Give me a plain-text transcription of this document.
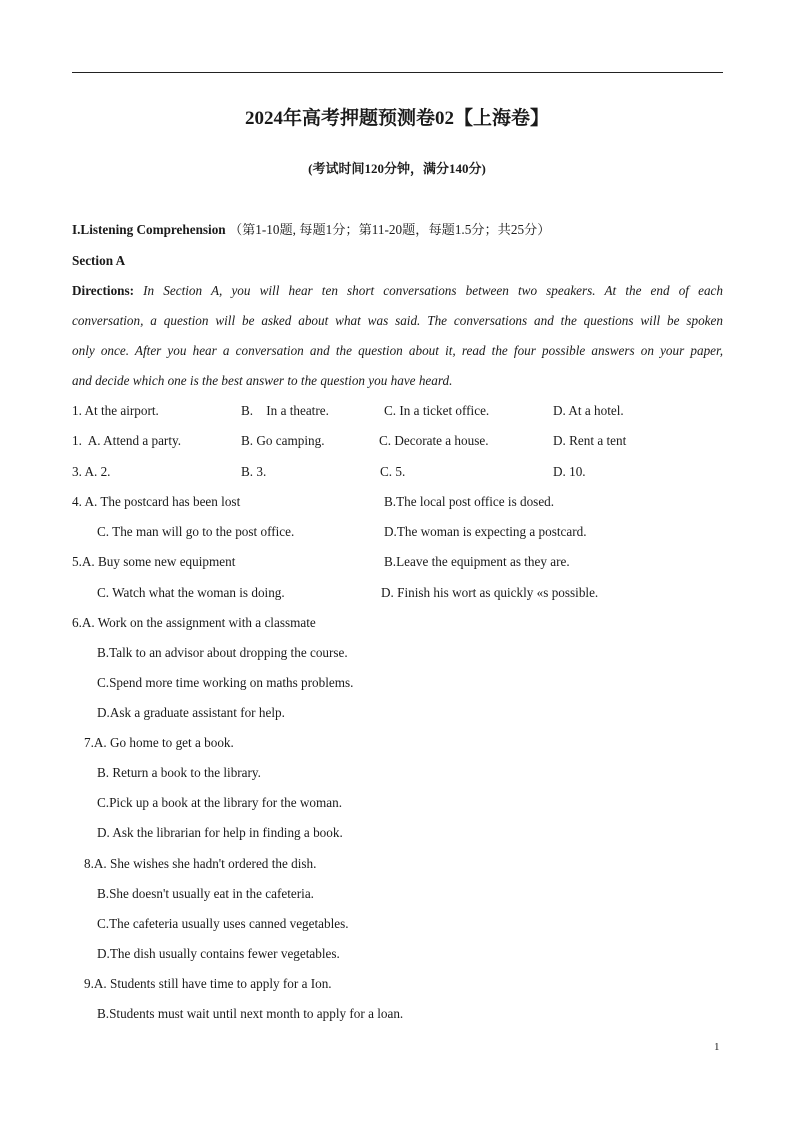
2024年高考押题预测卷02【上海卷】
(考试时间120分钟，满分140分)
I.Listening Comprehension （第1-10题, 每题1分；第11-20题，每题1.5分；共25分）
Section A
Directions: In Section A, you will hear ten short conversations between two speakers. At the end of each
conversation, a question will be asked about what was said. The conversations and the questions will be spoken
only once. After you hear a conversation and the question about it, read the four possible answers on your paper,
and decide which one is the best answer to the question you have heard.
1. At the airport.	B.    In a theatre.	C. In a ticket office.	D. At a hotel.
1.  A. Attend a party.	B. Go camping.	C. Decorate a house.	D. Rent a tent
3. A. 2.	B. 3.	C. 5.	D. 10.
4. A. The postcard has been lost	B.The local post office is dosed.
C. The man will go to the post office.	D.The woman is expecting a postcard.
5.A. Buy some new equipment	B.Leave the equipment as they are.
C. Watch what the woman is doing.	D. Finish his wort as quickly «s possible.
6.A. Work on the assignment with a classmate
B.Talk to an advisor about dropping the course.
C.Spend more time working on maths problems.
D.Ask a graduate assistant for help.
7.A. Go home to get a book.
B. Return a book to the library.
C.Pick up a book at the library for the woman.
D. Ask the librarian for help in finding a book.
8.A. She wishes she hadn't ordered the dish.
B.She doesn't usually eat in the cafeteria.
C.The cafeteria usually uses canned vegetables.
D.The dish usually contains fewer vegetables.
9.A. Students still have time to apply for a Ion.
B.Students must wait until next month to apply for a loan.
1
